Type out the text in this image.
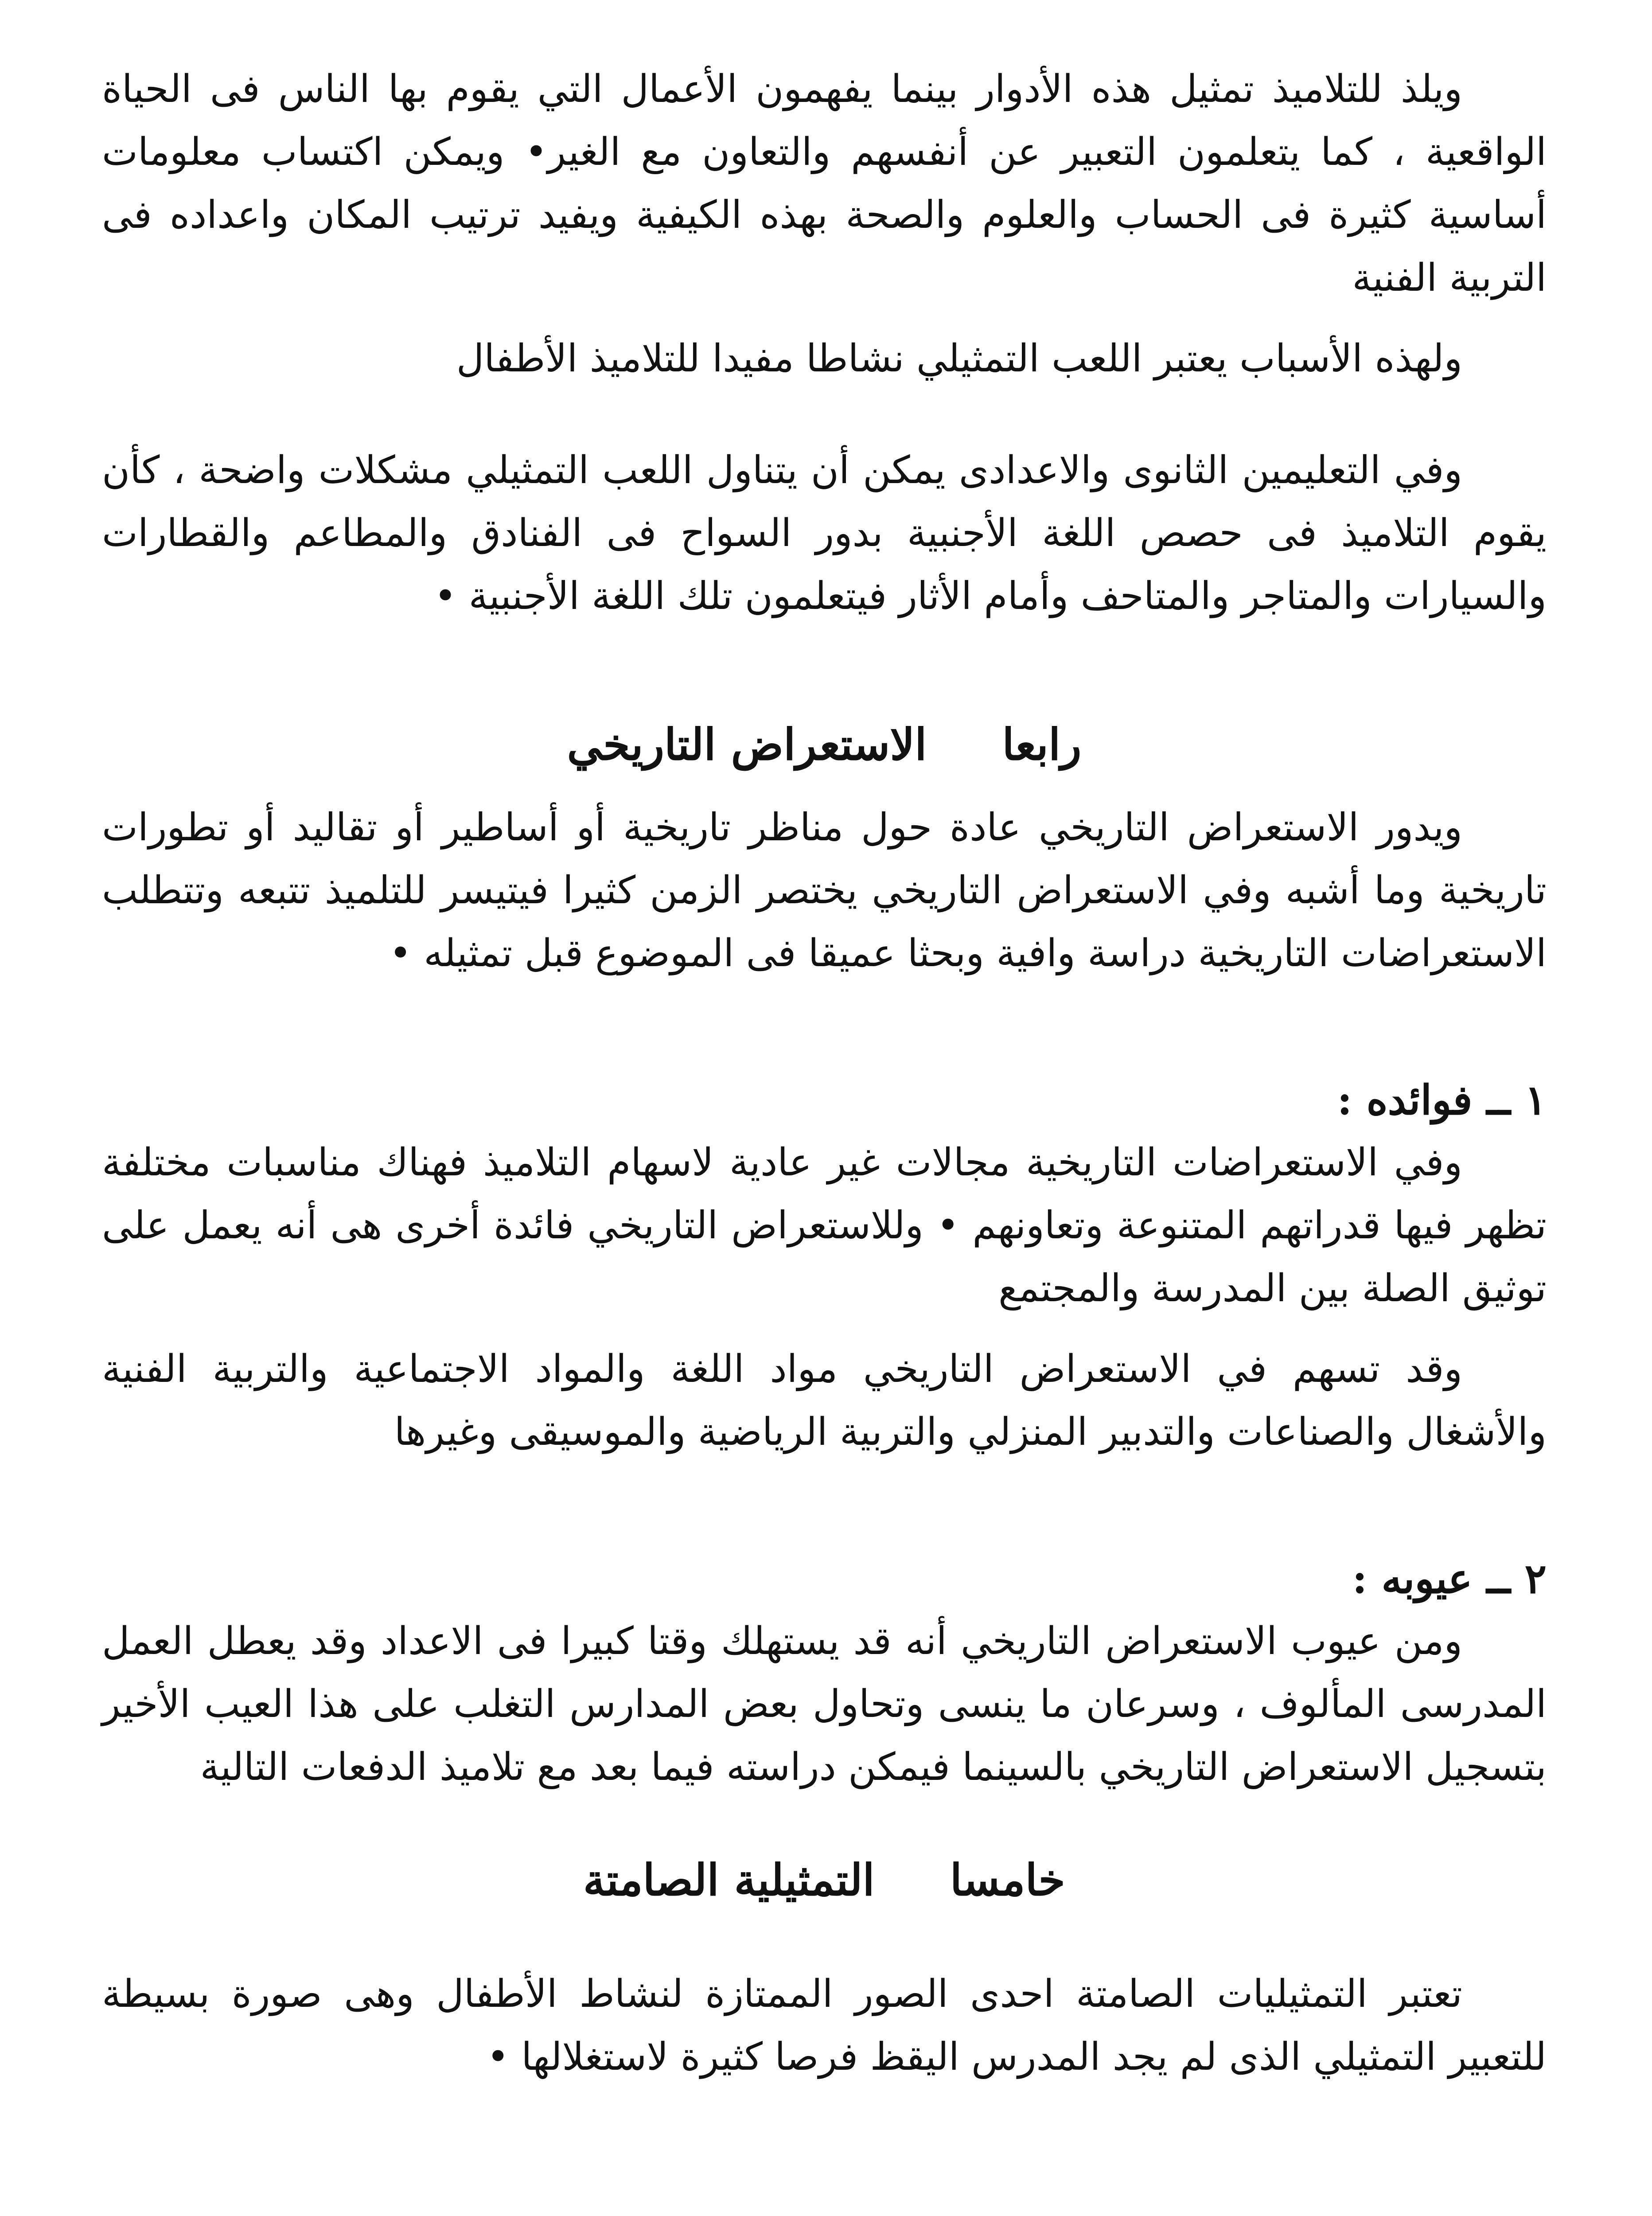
ويلذ للتلاميذ تمثيل هذه الأدوار بينما يفهمون الأعمال التي يقوم بها الناس فى الحياة الواقعية ، كما يتعلمون التعبير عن أنفسهم والتعاون مع الغير• ويمكن اكتساب معلومات أساسية كثيرة فى الحساب والعلوم والصحة بهذه الكيفية ويفيد ترتيب المكان واعداده فى التربية الفنية

ولهذه الأسباب يعتبر اللعب التمثيلي نشاطا مفيدا للتلاميذ الأطفال

وفي التعليمين الثانوى والاعدادى يمكن أن يتناول اللعب التمثيلي مشكلات واضحة ، كأن يقوم التلاميذ فى حصص اللغة الأجنبية بدور السواح فى الفنادق والمطاعم والقطارات والسيارات والمتاجر والمتاحف وأمام الأثار فيتعلمون تلك اللغة الأجنبية •

رابعاالاستعراض التاريخي

ويدور الاستعراض التاريخي عادة حول مناظر تاريخية أو أساطير أو تقاليد أو تطورات تاريخية وما أشبه وفي الاستعراض التاريخي يختصر الزمن كثيرا فيتيسر للتلميذ تتبعه وتتطلب الاستعراضات التاريخية دراسة وافية وبحثا عميقا فى الموضوع قبل تمثيله •

١ ــ فوائده :

وفي الاستعراضات التاريخية مجالات غير عادية لاسهام التلاميذ فهناك مناسبات مختلفة تظهر فيها قدراتهم المتنوعة وتعاونهم • وللاستعراض التاريخي فائدة أخرى هى أنه يعمل على توثيق الصلة بين المدرسة والمجتمع

وقد تسهم في الاستعراض التاريخي مواد اللغة والمواد الاجتماعية والتربية الفنية والأشغال والصناعات والتدبير المنزلي والتربية الرياضية والموسيقى وغيرها

٢ ــ عيوبه :

ومن عيوب الاستعراض التاريخي أنه قد يستهلك وقتا كبيرا فى الاعداد وقد يعطل العمل المدرسى المألوف ، وسرعان ما ينسى وتحاول بعض المدارس التغلب على هذا العيب الأخير بتسجيل الاستعراض التاريخي بالسينما فيمكن دراسته فيما بعد مع تلاميذ الدفعات التالية

خامساالتمثيلية الصامتة

تعتبر التمثيليات الصامتة احدى الصور الممتازة لنشاط الأطفال وهى صورة بسيطة للتعبير التمثيلي الذى لم يجد المدرس اليقظ فرصا كثيرة لاستغلالها •
